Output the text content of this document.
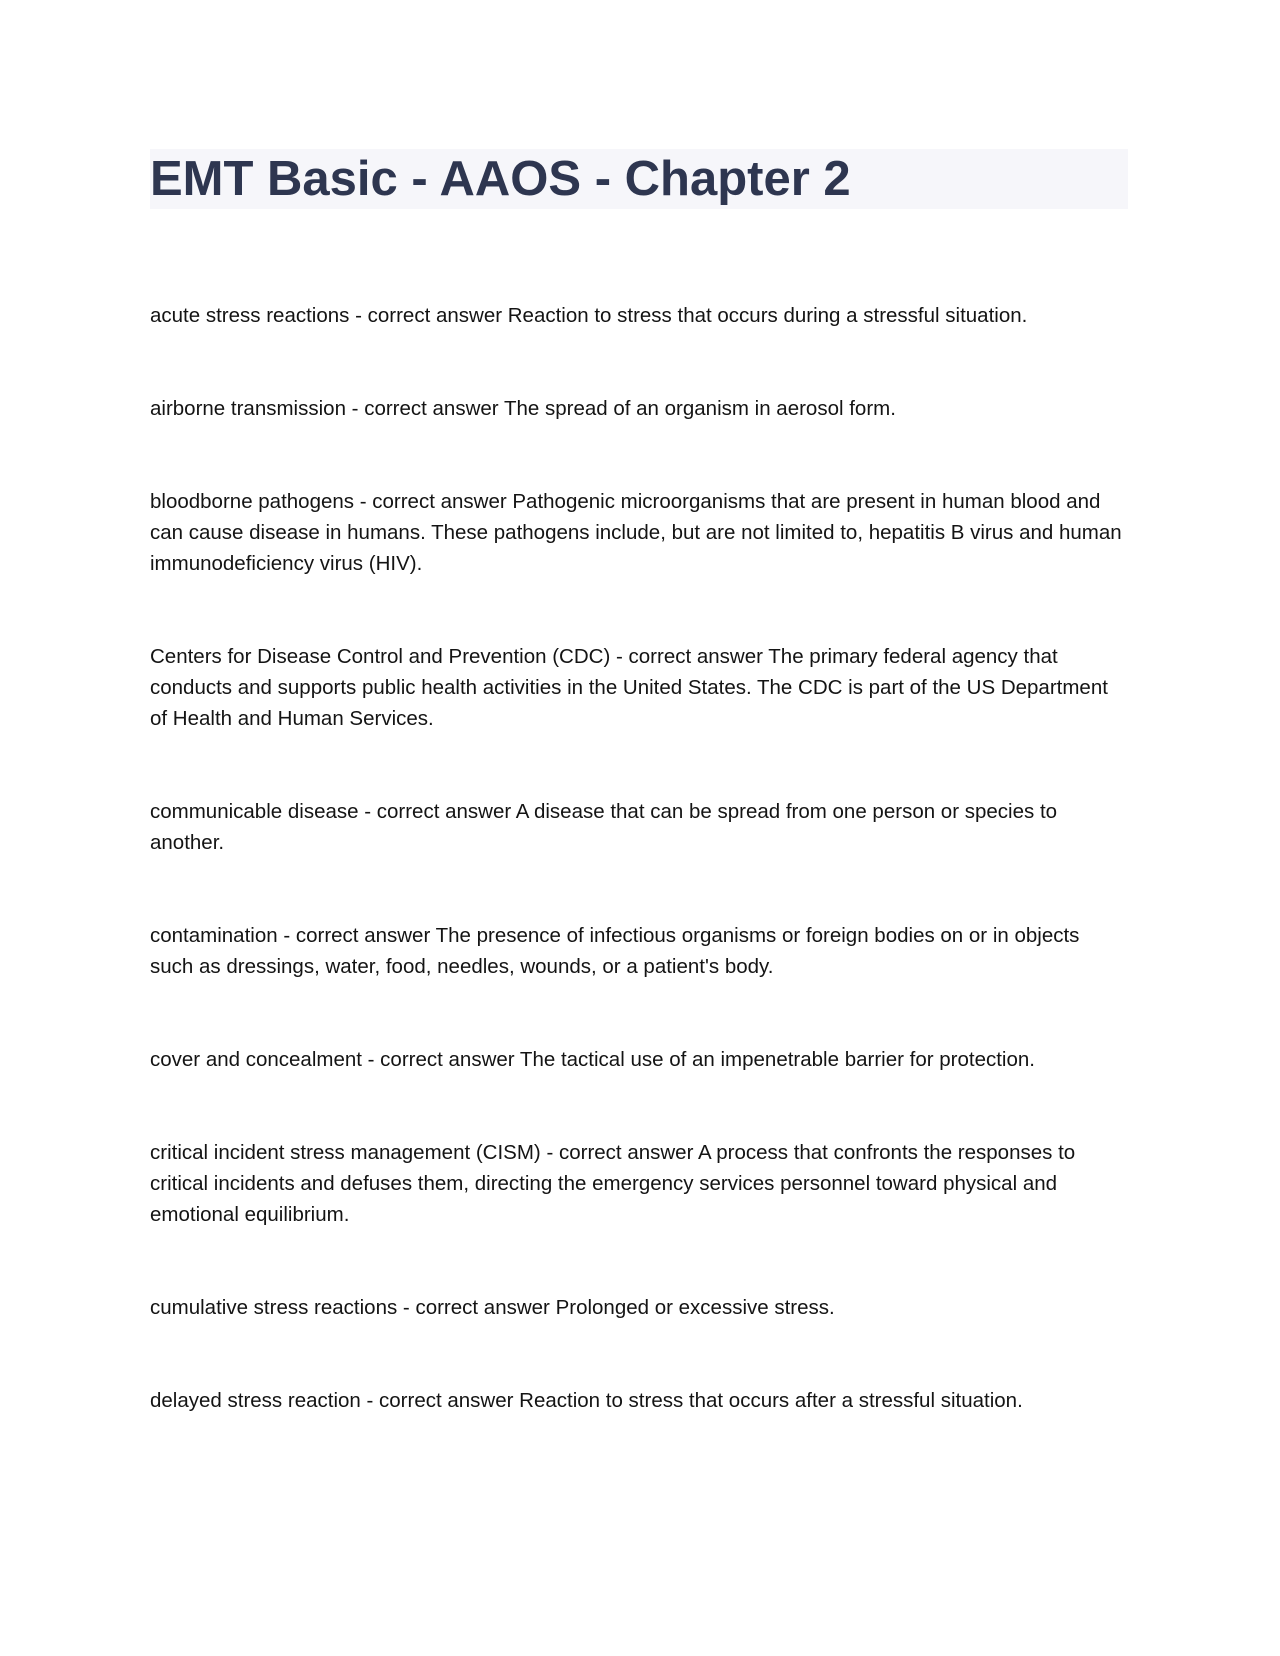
EMT Basic - AAOS - Chapter 2
acute stress reactions - correct answer Reaction to stress that occurs during a stressful situation.
airborne transmission - correct answer The spread of an organism in aerosol form.
bloodborne pathogens - correct answer Pathogenic microorganisms that are present in human blood and can cause disease in humans. These pathogens include, but are not limited to, hepatitis B virus and human immunodeficiency virus (HIV).
Centers for Disease Control and Prevention (CDC) - correct answer The primary federal agency that conducts and supports public health activities in the United States. The CDC is part of the US Department of Health and Human Services.
communicable disease - correct answer A disease that can be spread from one person or species to another.
contamination - correct answer The presence of infectious organisms or foreign bodies on or in objects such as dressings, water, food, needles, wounds, or a patient's body.
cover and concealment - correct answer The tactical use of an impenetrable barrier for protection.
critical incident stress management (CISM) - correct answer A process that confronts the responses to critical incidents and defuses them, directing the emergency services personnel toward physical and emotional equilibrium.
cumulative stress reactions - correct answer Prolonged or excessive stress.
delayed stress reaction - correct answer Reaction to stress that occurs after a stressful situation.
